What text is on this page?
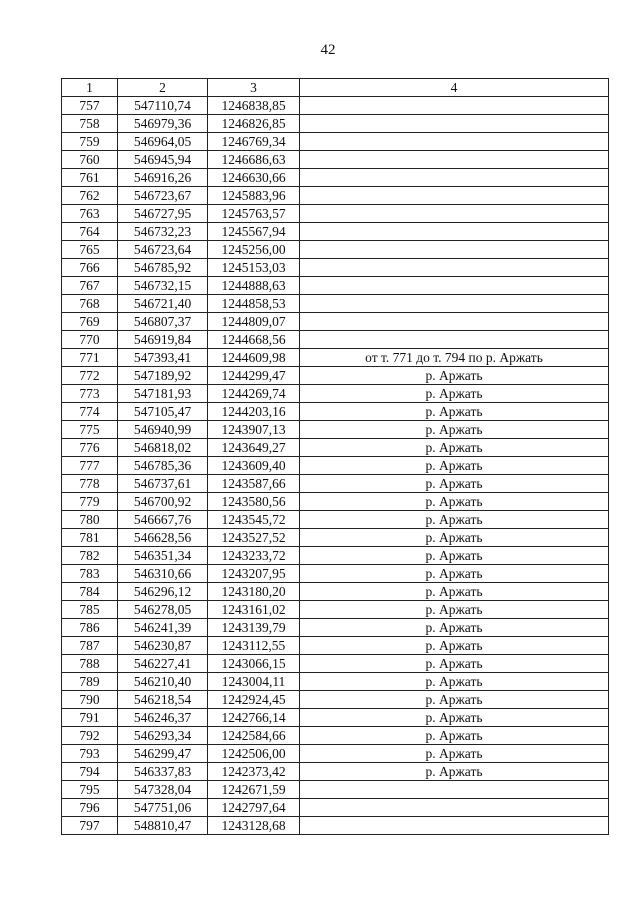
42
1	2	3	4
757	547110,74	1246838,85	
758	546979,36	1246826,85	
759	546964,05	1246769,34	
760	546945,94	1246686,63	
761	546916,26	1246630,66	
762	546723,67	1245883,96	
763	546727,95	1245763,57	
764	546732,23	1245567,94	
765	546723,64	1245256,00	
766	546785,92	1245153,03	
767	546732,15	1244888,63	
768	546721,40	1244858,53	
769	546807,37	1244809,07	
770	546919,84	1244668,56	
771	547393,41	1244609,98	от т. 771 до т. 794 по р. Аржать
772	547189,92	1244299,47	р. Аржать
773	547181,93	1244269,74	р. Аржать
774	547105,47	1244203,16	р. Аржать
775	546940,99	1243907,13	р. Аржать
776	546818,02	1243649,27	р. Аржать
777	546785,36	1243609,40	р. Аржать
778	546737,61	1243587,66	р. Аржать
779	546700,92	1243580,56	р. Аржать
780	546667,76	1243545,72	р. Аржать
781	546628,56	1243527,52	р. Аржать
782	546351,34	1243233,72	р. Аржать
783	546310,66	1243207,95	р. Аржать
784	546296,12	1243180,20	р. Аржать
785	546278,05	1243161,02	р. Аржать
786	546241,39	1243139,79	р. Аржать
787	546230,87	1243112,55	р. Аржать
788	546227,41	1243066,15	р. Аржать
789	546210,40	1243004,11	р. Аржать
790	546218,54	1242924,45	р. Аржать
791	546246,37	1242766,14	р. Аржать
792	546293,34	1242584,66	р. Аржать
793	546299,47	1242506,00	р. Аржать
794	546337,83	1242373,42	р. Аржать
795	547328,04	1242671,59	
796	547751,06	1242797,64	
797	548810,47	1243128,68	
